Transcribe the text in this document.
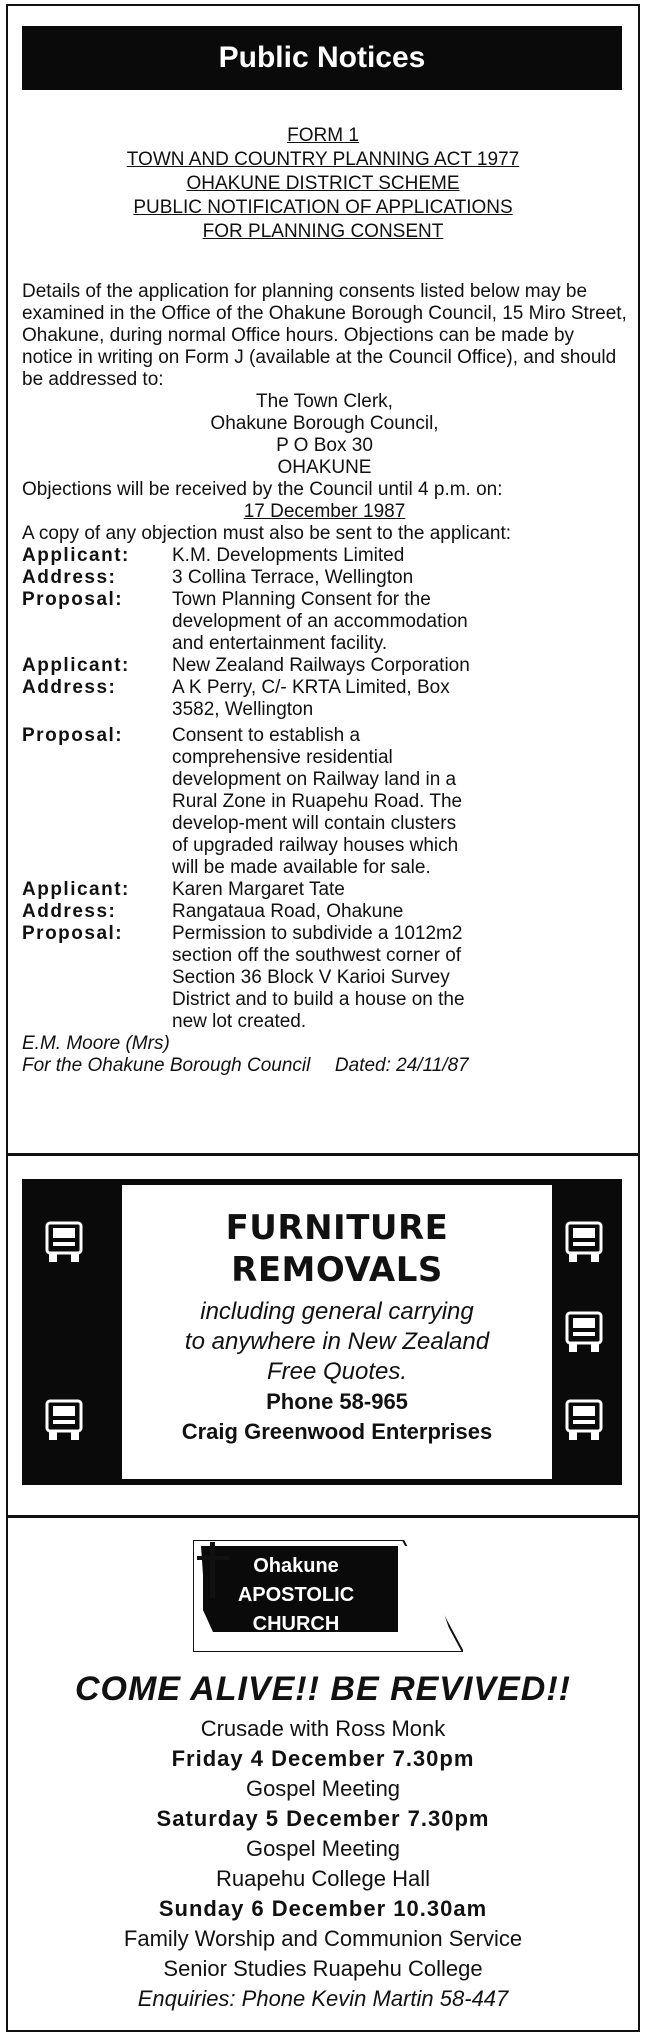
Public Notices
FORM 1
TOWN AND COUNTRY PLANNING ACT 1977
OHAKUNE DISTRICT SCHEME
PUBLIC NOTIFICATION OF APPLICATIONS
FOR PLANNING CONSENT

Details of the application for planning consents listed below may be examined in the Office of the Ohakune Borough Council, 15 Miro Street, Ohakune, during normal Office hours. Objections can be made by notice in writing on Form J (available at the Council Office), and should be addressed to:

The Town Clerk,
Ohakune Borough Council,
P O Box 30
OHAKUNE

Objections will be received by the Council until 4 p.m. on:

17 December 1987

A copy of any objection must also be sent to the applicant:

Applicant:	K.M. Developments Limited
Address:	3 Collina Terrace, Wellington
Proposal:	Town Planning Consent for the development of an accommodation and entertainment facility.
Applicant:	New Zealand Railways Corporation
Address:	A K Perry, C/- KRTA Limited, Box 3582, Wellington
Proposal:	Consent to establish a comprehensive residential development on Railway land in a Rural Zone in Ruapehu Road. The develop-ment will contain clusters of upgraded railway houses which will be made available for sale.
Applicant:	Karen Margaret Tate
Address:	Rangataua Road, Ohakune
Proposal:	Permission to subdivide a 1012m2 section off the southwest corner of Section 36 Block V Karioi Survey District and to build a house on the new lot created.
E.M. Moore (Mrs)
For the Ohakune Borough Council Dated: 24/11/87
FURNITURE
REMOVALS
including general carrying
to anywhere in New Zealand
Free Quotes.
Phone 58-965
Craig Greenwood Enterprises
Ohakune
APOSTOLIC
CHURCH
COME ALIVE!! BE REVIVED!!
Crusade with Ross Monk
Friday 4 December 7.30pm
Gospel Meeting
Saturday 5 December 7.30pm
Gospel Meeting
Ruapehu College Hall
Sunday 6 December 10.30am
Family Worship and Communion Service
Senior Studies Ruapehu College
Enquiries: Phone Kevin Martin 58-447
